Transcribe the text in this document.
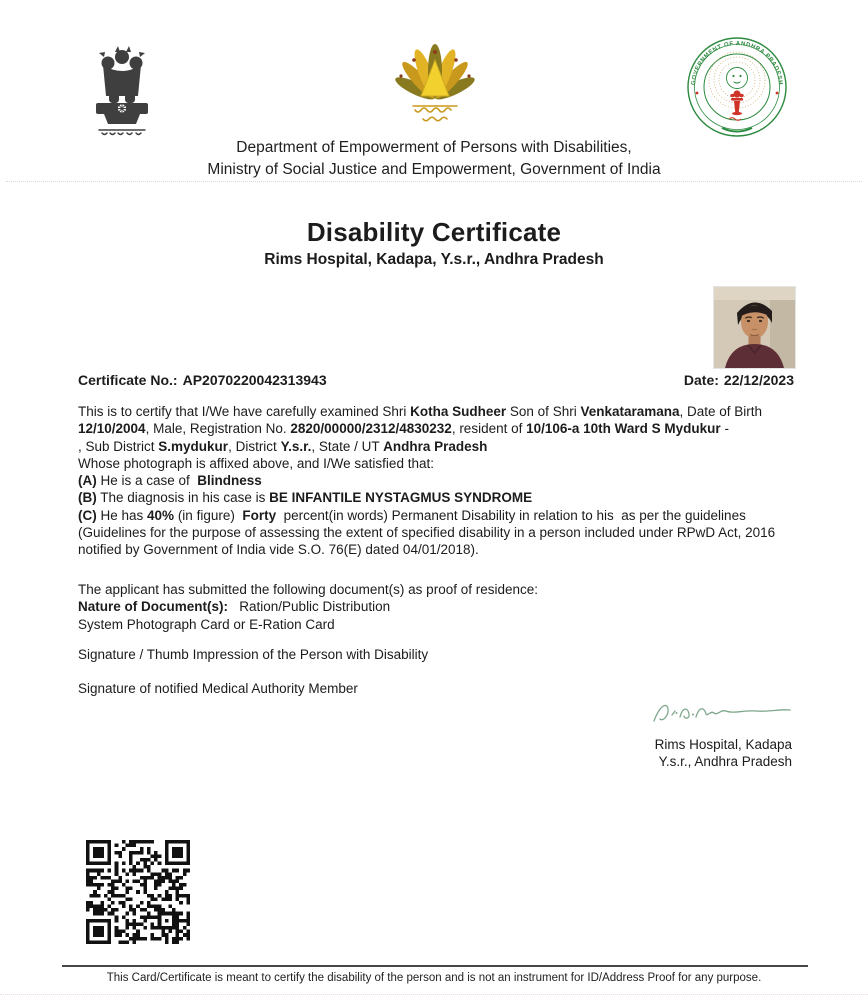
GOVERNMENT OF ANDHRA PRADESH
Department of Empowerment of Persons with Disabilities,
Ministry of Social Justice and Empowerment, Government of India
Disability Certificate
Rims Hospital, Kadapa, Y.s.r., Andhra Pradesh
Certificate No.: AP2070220042313943	Date: 22/12/2023
This is to certify that I/We have carefully examined Shri Kotha Sudheer Son of Shri Venkataramana, Date of Birth
12/10/2004, Male, Registration No. 2820/00000/2312/4830232, resident of 10/106-a 10th Ward S Mydukur -
, Sub District S.mydukur, District Y.s.r., State / UT Andhra Pradesh
Whose photograph is affixed above, and I/We satisfied that:
(A) He is a case of  Blindness
(B) The diagnosis in his case is BE INFANTILE NYSTAGMUS SYNDROME
(C) He has 40% (in figure)  Forty  percent(in words) Permanent Disability in relation to his  as per the guidelines
(Guidelines for the purpose of assessing the extent of specified disability in a person included under RPwD Act, 2016
notified by Government of India vide S.O. 76(E) dated 04/01/2018).
The applicant has submitted the following document(s) as proof of residence:
Nature of Document(s):   Ration/Public Distribution
System Photograph Card or E-Ration Card
Signature / Thumb Impression of the Person with Disability
Signature of notified Medical Authority Member
Rims Hospital, Kadapa
Y.s.r., Andhra Pradesh
This Card/Certificate is meant to certify the disability of the person and is not an instrument for ID/Address Proof for any purpose.
